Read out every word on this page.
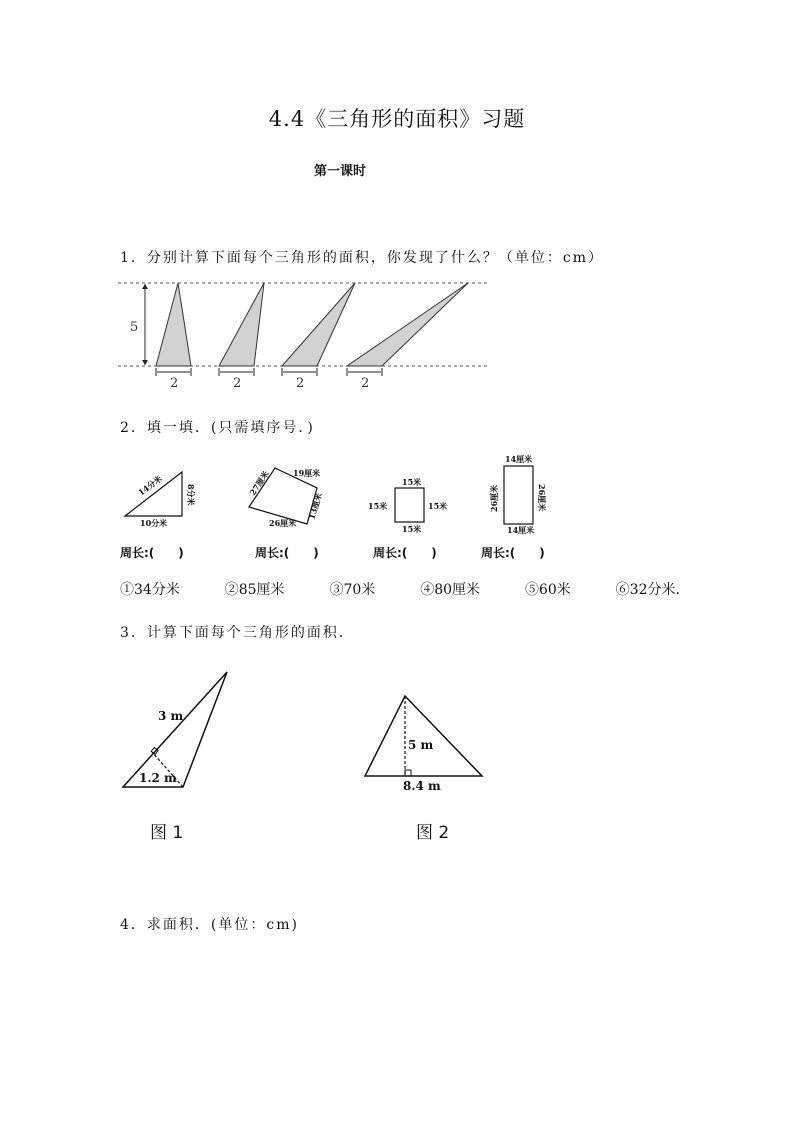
4.4《三角形的面积》习题
第一课时
1．分别计算下面每个三角形的面积，你发现了什么？（单位：cm）
5
2	2	2	2
2．填一填．(只需填序号．)
14分米	8分米
10分米
27厘米	19厘米
13厘米
26厘米
15米
15米	15米
15米
14厘米
26厘米	26厘米
14厘米
周长:(　　)	周长:(　　)	周长:(　　)	周长:(　　)
①34分米	②85厘米	③70米	④80厘米	⑤60米	⑥32分米.
3．计算下面每个三角形的面积．
3 m
1.2 m
图 1
5 m
8.4 m
图 2
4．求面积．(单位：cm)
